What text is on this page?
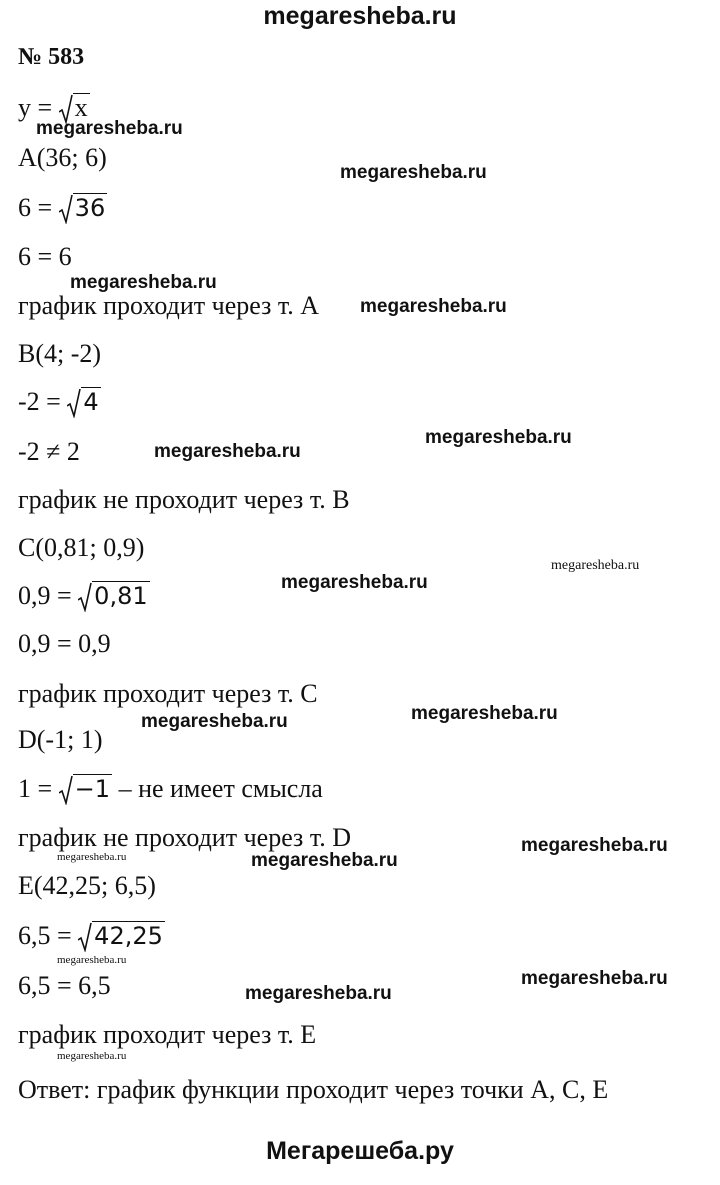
megaresheba.ru
№ 583
y =
x
A(36; 6)
6 =
36
6 = 6
график проходит через т. A
B(4; -2)
-2 =
4
-2 ≠ 2
график не проходит через т. B
C(0,81; 0,9)
0,9 =
0,81
0,9 = 0,9
график проходит через т. C
D(-1; 1)
1 =
−1 – не имеет смысла
график не проходит через т. D
E(42,25; 6,5)
6,5 =
42,25
6,5 = 6,5
график проходит через т. E
Ответ: график функции проходит через точки A, C, E
megaresheba.ru
megaresheba.ru
megaresheba.ru
megaresheba.ru
megaresheba.ru
megaresheba.ru
megaresheba.ru
megaresheba.ru
megaresheba.ru
megaresheba.ru
megaresheba.ru
megaresheba.ru	megaresheba.ru
megaresheba.ru
megaresheba.ru
megaresheba.ru
megaresheba.ru
Мегарешеба.ру
